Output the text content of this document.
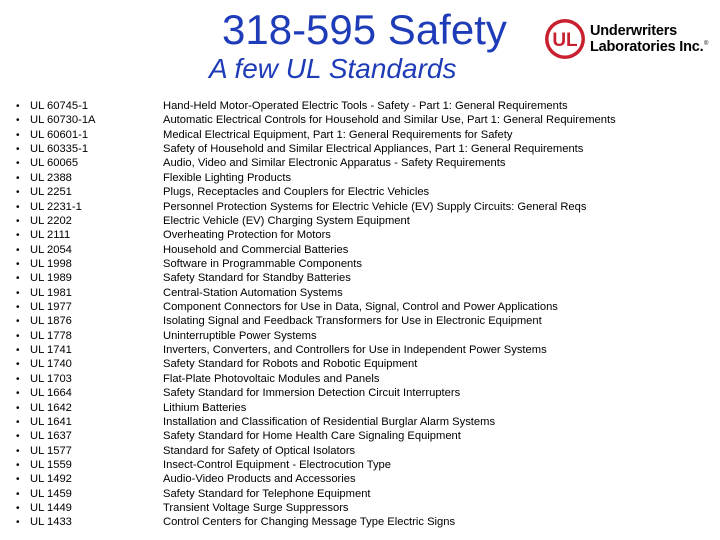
318-595 Safety
A few UL Standards
UL Underwriters
Laboratories Inc. ®
• UL 60745-1	Hand-Held Motor-Operated Electric Tools - Safety - Part 1: General Requirements
• UL 60730-1A	Automatic Electrical Controls for Household and Similar Use, Part 1: General Requirements
• UL 60601-1	Medical Electrical Equipment, Part 1: General Requirements for Safety
• UL 60335-1	Safety of Household and Similar Electrical Appliances, Part 1: General Requirements
• UL 60065	Audio, Video and Similar Electronic Apparatus - Safety Requirements
• UL 2388	Flexible Lighting Products
• UL 2251	Plugs, Receptacles and Couplers for Electric Vehicles
• UL 2231-1	Personnel Protection Systems for Electric Vehicle (EV) Supply Circuits: General Reqs
• UL 2202	Electric Vehicle (EV) Charging System Equipment
• UL 2111	Overheating Protection for Motors
• UL 2054	Household and Commercial Batteries
• UL 1998	Software in Programmable Components
• UL 1989	Safety Standard for Standby Batteries
• UL 1981	Central-Station Automation Systems
• UL 1977	Component Connectors for Use in Data, Signal, Control and Power Applications
• UL 1876	Isolating Signal and Feedback Transformers for Use in Electronic Equipment
• UL 1778	Uninterruptible Power Systems
• UL 1741	Inverters, Converters, and Controllers for Use in Independent Power Systems
• UL 1740	Safety Standard for Robots and Robotic Equipment
• UL 1703	Flat-Plate Photovoltaic Modules and Panels
• UL 1664	Safety Standard for Immersion Detection Circuit Interrupters
• UL 1642	Lithium Batteries
• UL 1641	Installation and Classification of Residential Burglar Alarm Systems
• UL 1637	Safety Standard for Home Health Care Signaling Equipment
• UL 1577	Standard for Safety of Optical Isolators
• UL 1559	Insect-Control Equipment - Electrocution Type
• UL 1492	Audio-Video Products and Accessories
• UL 1459	Safety Standard for Telephone Equipment
• UL 1449	Transient Voltage Surge Suppressors
• UL 1433	Control Centers for Changing Message Type Electric Signs
